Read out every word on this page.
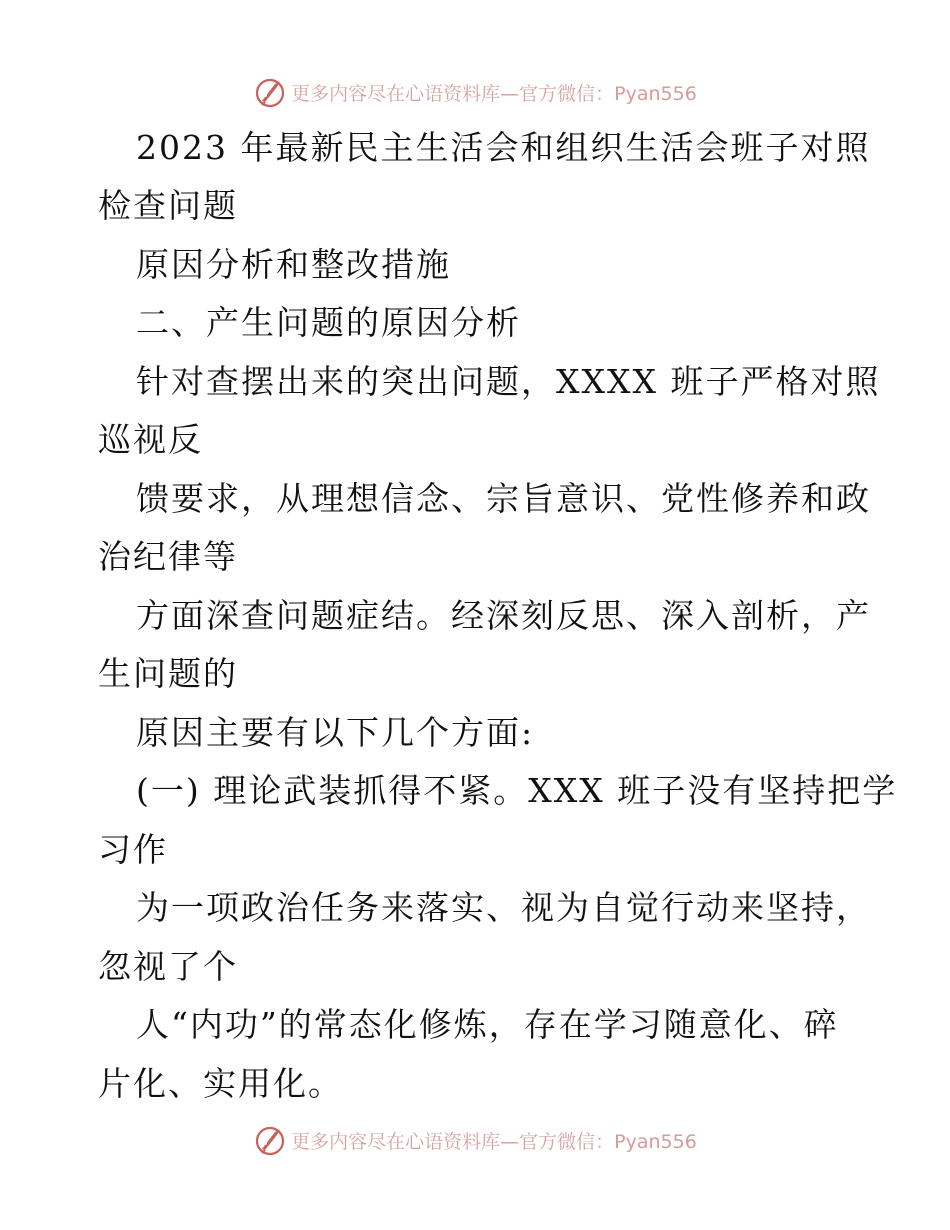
更多内容尽在心语资料库—官方微信：Pyan556
2023 年最新民主生活会和组织生活会班子对照
检查问题
原因分析和整改措施
二、产生问题的原因分析
针对查摆出来的突出问题，XXXX 班子严格对照
巡视反
馈要求，从理想信念、宗旨意识、党性修养和政
治纪律等
方面深查问题症结。经深刻反思、深入剖析，产
生问题的
原因主要有以下几个方面:
(一) 理论武装抓得不紧。XXX 班子没有坚持把学
习作
为一项政治任务来落实、视为自觉行动来坚持，
忽视了个
人“内功”的常态化修炼，存在学习随意化、碎
片化、实用化。
更多内容尽在心语资料库—官方微信：Pyan556
